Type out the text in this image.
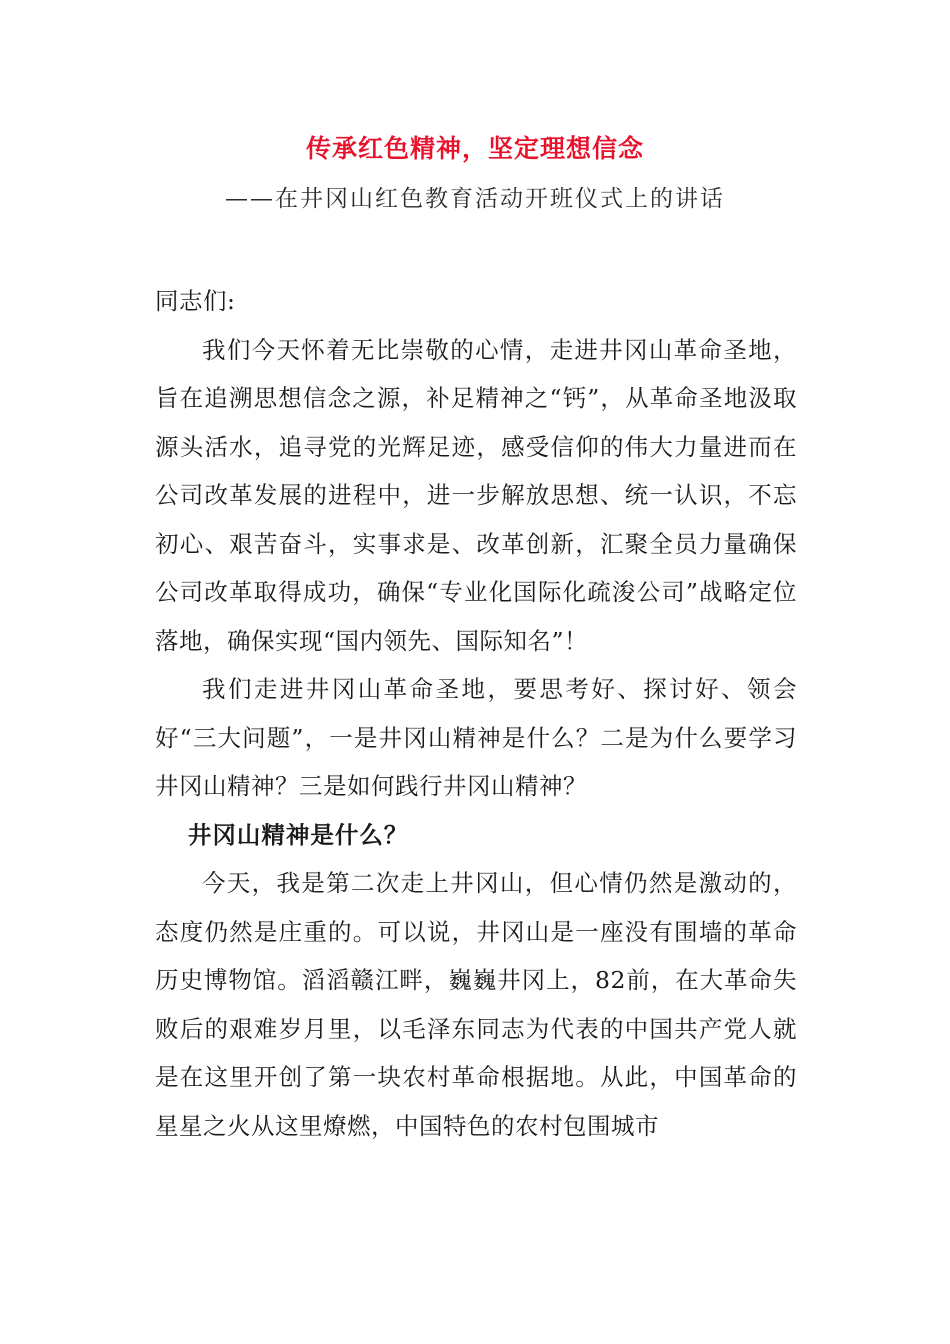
传承红色精神，坚定理想信念
——在井冈山红色教育活动开班仪式上的讲话

同志们:

我们今天怀着无比崇敬的心情，走进井冈山革命圣地，旨在追溯思想信念之源，补足精神之“钙”，从革命圣地汲取源头活水，追寻党的光辉足迹，感受信仰的伟大力量进而在公司改革发展的进程中，进一步解放思想、统一认识，不忘初心、艰苦奋斗，实事求是、改革创新，汇聚全员力量确保公司改革取得成功，确保“专业化国际化疏浚公司”战略定位落地，确保实现“国内领先、国际知名”！

我们走进井冈山革命圣地，要思考好、探讨好、领会好“三大问题”，一是井冈山精神是什么？二是为什么要学习井冈山精神？三是如何践行井冈山精神？

井冈山精神是什么？

今天，我是第二次走上井冈山，但心情仍然是激动的，态度仍然是庄重的。可以说，井冈山是一座没有围墙的革命历史博物馆。滔滔赣江畔，巍巍井冈上，82前，在大革命失败后的艰难岁月里，以毛泽东同志为代表的中国共产党人就是在这里开创了第一块农村革命根据地。从此，中国革命的星星之火从这里燎燃，中国特色的农村包围城市
